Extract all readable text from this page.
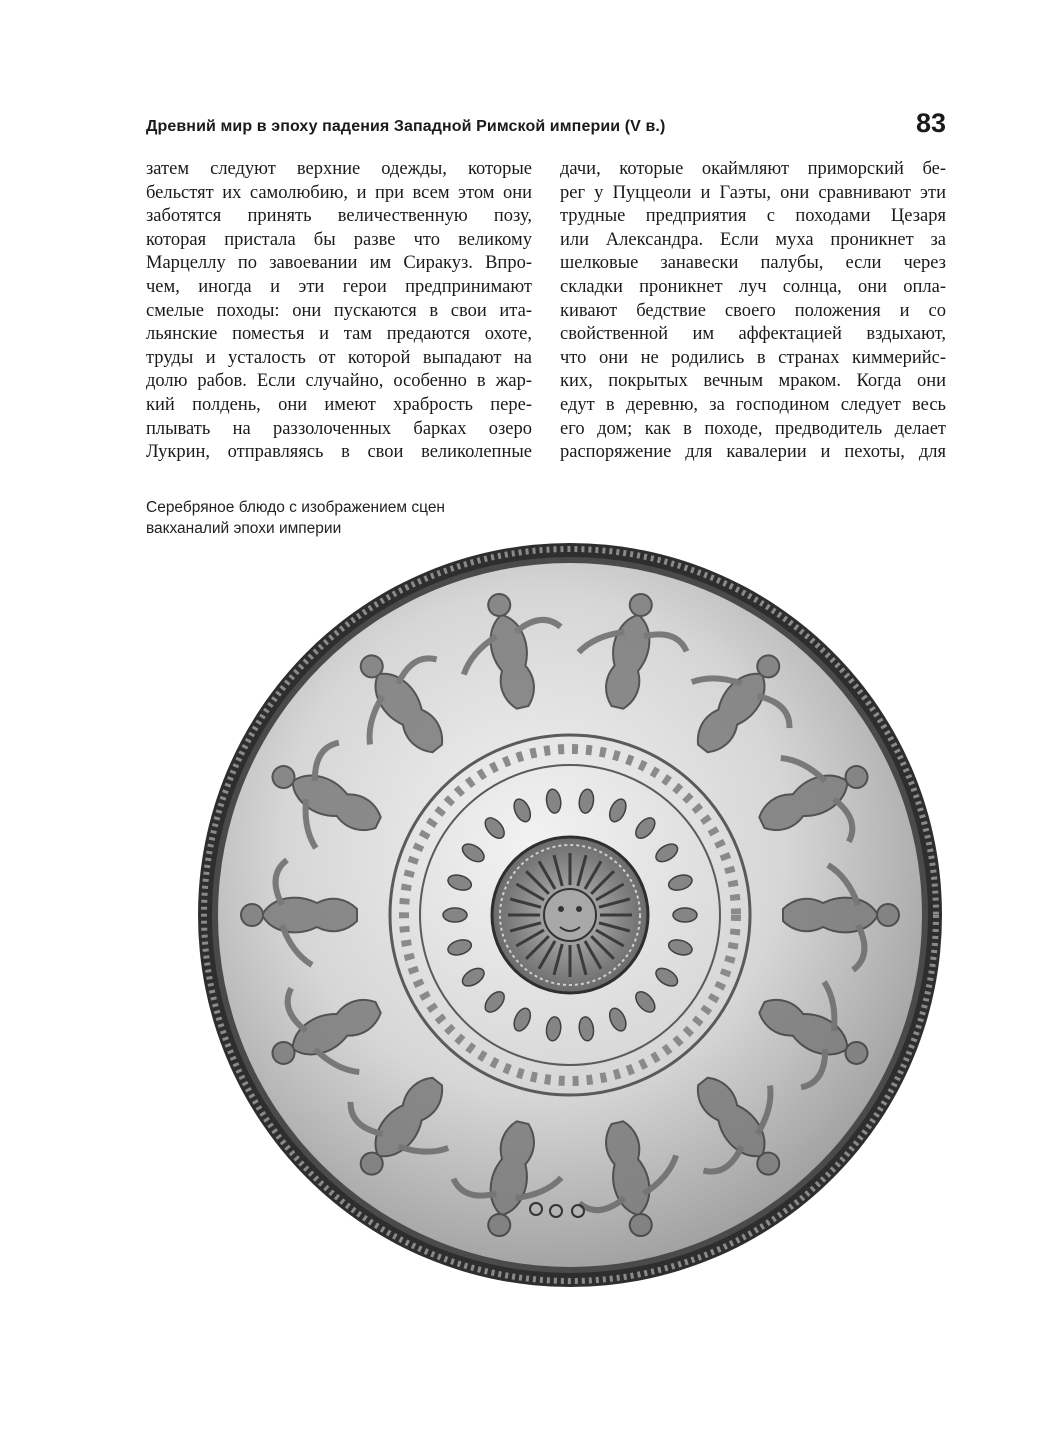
Древний мир в эпоху падения Западной Римской империи (V в.)	83
затем следуют верхние одежды, которые
бельстят их самолюбию, и при всем этом они
заботятся принять величественную позу,
которая пристала бы разве что великому
Марцеллу по завоевании им Сиракуз. Впро-
чем, иногда и эти герои предпринимают
смелые походы: они пускаются в свои ита-
льянские поместья и там предаются охоте,
труды и усталость от которой выпадают на
долю рабов. Если случайно, особенно в жар-
кий полдень, они имеют храбрость пере-
плывать на раззолоченных барках озеро
Лукрин, отправляясь в свои великолепные
дачи, которые окаймляют приморский бе-
рег у Пуццеоли и Гаэты, они сравнивают эти
трудные предприятия с походами Цезаря
или Александра. Если муха проникнет за
шелковые занавески палубы, если через
складки проникнет луч солнца, они опла-
кивают бедствие своего положения и со
свойственной им аффектацией вздыхают,
что они не родились в странах киммерийс-
ких, покрытых вечным мраком. Когда они
едут в деревню, за господином следует весь
его дом; как в походе, предводитель делает
распоряжение для кавалерии и пехоты, для
Серебряное блюдо с изображением сцен
вакханалий эпохи империи
